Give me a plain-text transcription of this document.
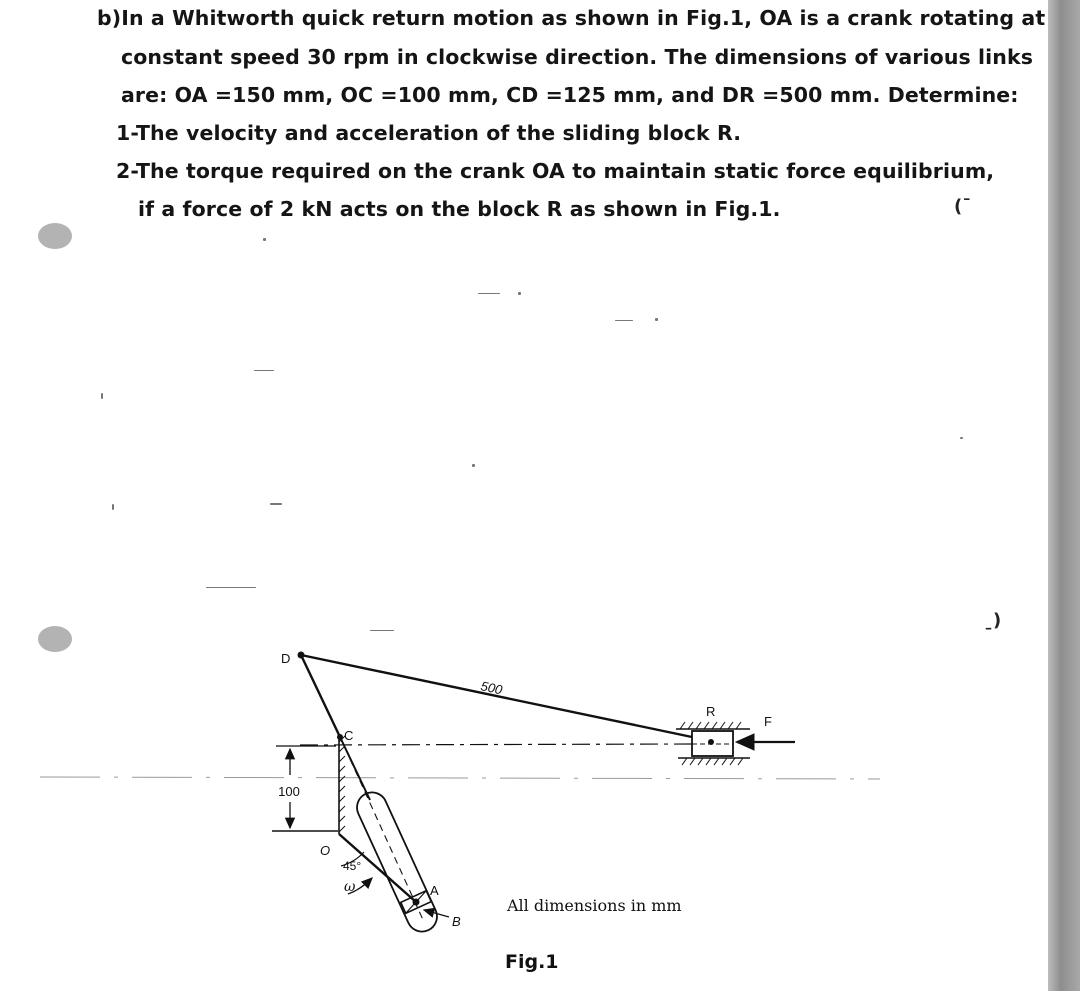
b)In a Whitworth quick return motion as shown in Fig.1, OA is a crank rotating at
constant speed 30 rpm in clockwise direction. The dimensions of various links
are: OA =150 mm, OC =100 mm, CD =125 mm, and DR =500 mm. Determine:
1-The velocity and acceleration of the sliding block R.
2-The torque required on the crank OA to maintain static force equilibrium,
if a force of 2 kN acts on the block R as shown in Fig.1.	(ˉ
ˍ)
100
45°
ω
500
D
C
O
A
B
R
F
All dimensions in mm
Fig.1
